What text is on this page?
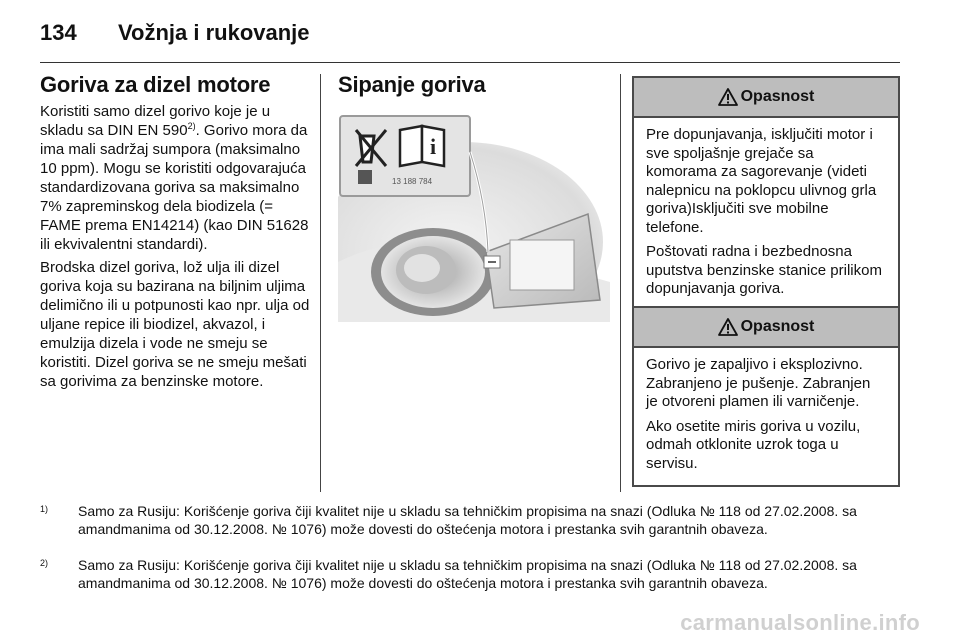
134	Vožnja i rukovanje
Goriva za dizel motore

Koristiti samo dizel gorivo koje je u skladu sa DIN EN 590$^{2)}$. Gorivo mora da ima mali sadržaj sumpora (maksimalno 10 ppm). Mogu se koristiti odgovarajuća standardizovana goriva sa maksimalno 7% zapreminskog dela biodizela (= FAME prema EN14214) (kao DIN 51628 ili ekvivalentni standardi).

Brodska dizel goriva, lož ulja ili dizel goriva koja su bazirana na biljnim uljima delimično ili u potpunosti kao npr. ulja od uljane repice ili biodizel, akvazol, i emulzija dizela i vode ne smeju se koristiti. Dizel goriva se ne smeju mešati sa gorivima za benzinske motore.

Sipanje goriva
i
13 188 784
Opasnost

Pre dopunjavanja, isključiti motor i sve spoljašnje grejače sa komorama za sagorevanje (videti nalepnicu na poklopcu ulivnog grla goriva)Isključiti sve mobilne telefone.

Poštovati radna i bezbednosna uputstva benzinske stanice prilikom dopunjavanja goriva.

Opasnost

Gorivo je zapaljivo i eksplozivno. Zabranjeno je pušenje. Zabranjen je otvoreni plamen ili varničenje.

Ako osetite miris goriva u vozilu, odmah otklonite uzrok toga u servisu.

1) Samo za Rusiju: Korišćenje goriva čiji kvalitet nije u skladu sa tehničkim propisima na snazi (Odluka № 118 od 27.02.2008. sa amandmanima od 30.12.2008. № 1076) može dovesti do oštećenja motora i prestanka svih garantnih obaveza.
2) Samo za Rusiju: Korišćenje goriva čiji kvalitet nije u skladu sa tehničkim propisima na snazi (Odluka № 118 od 27.02.2008. sa amandmanima od 30.12.2008. № 1076) može dovesti do oštećenja motora i prestanka svih garantnih obaveza.
carmanualsonline.info
